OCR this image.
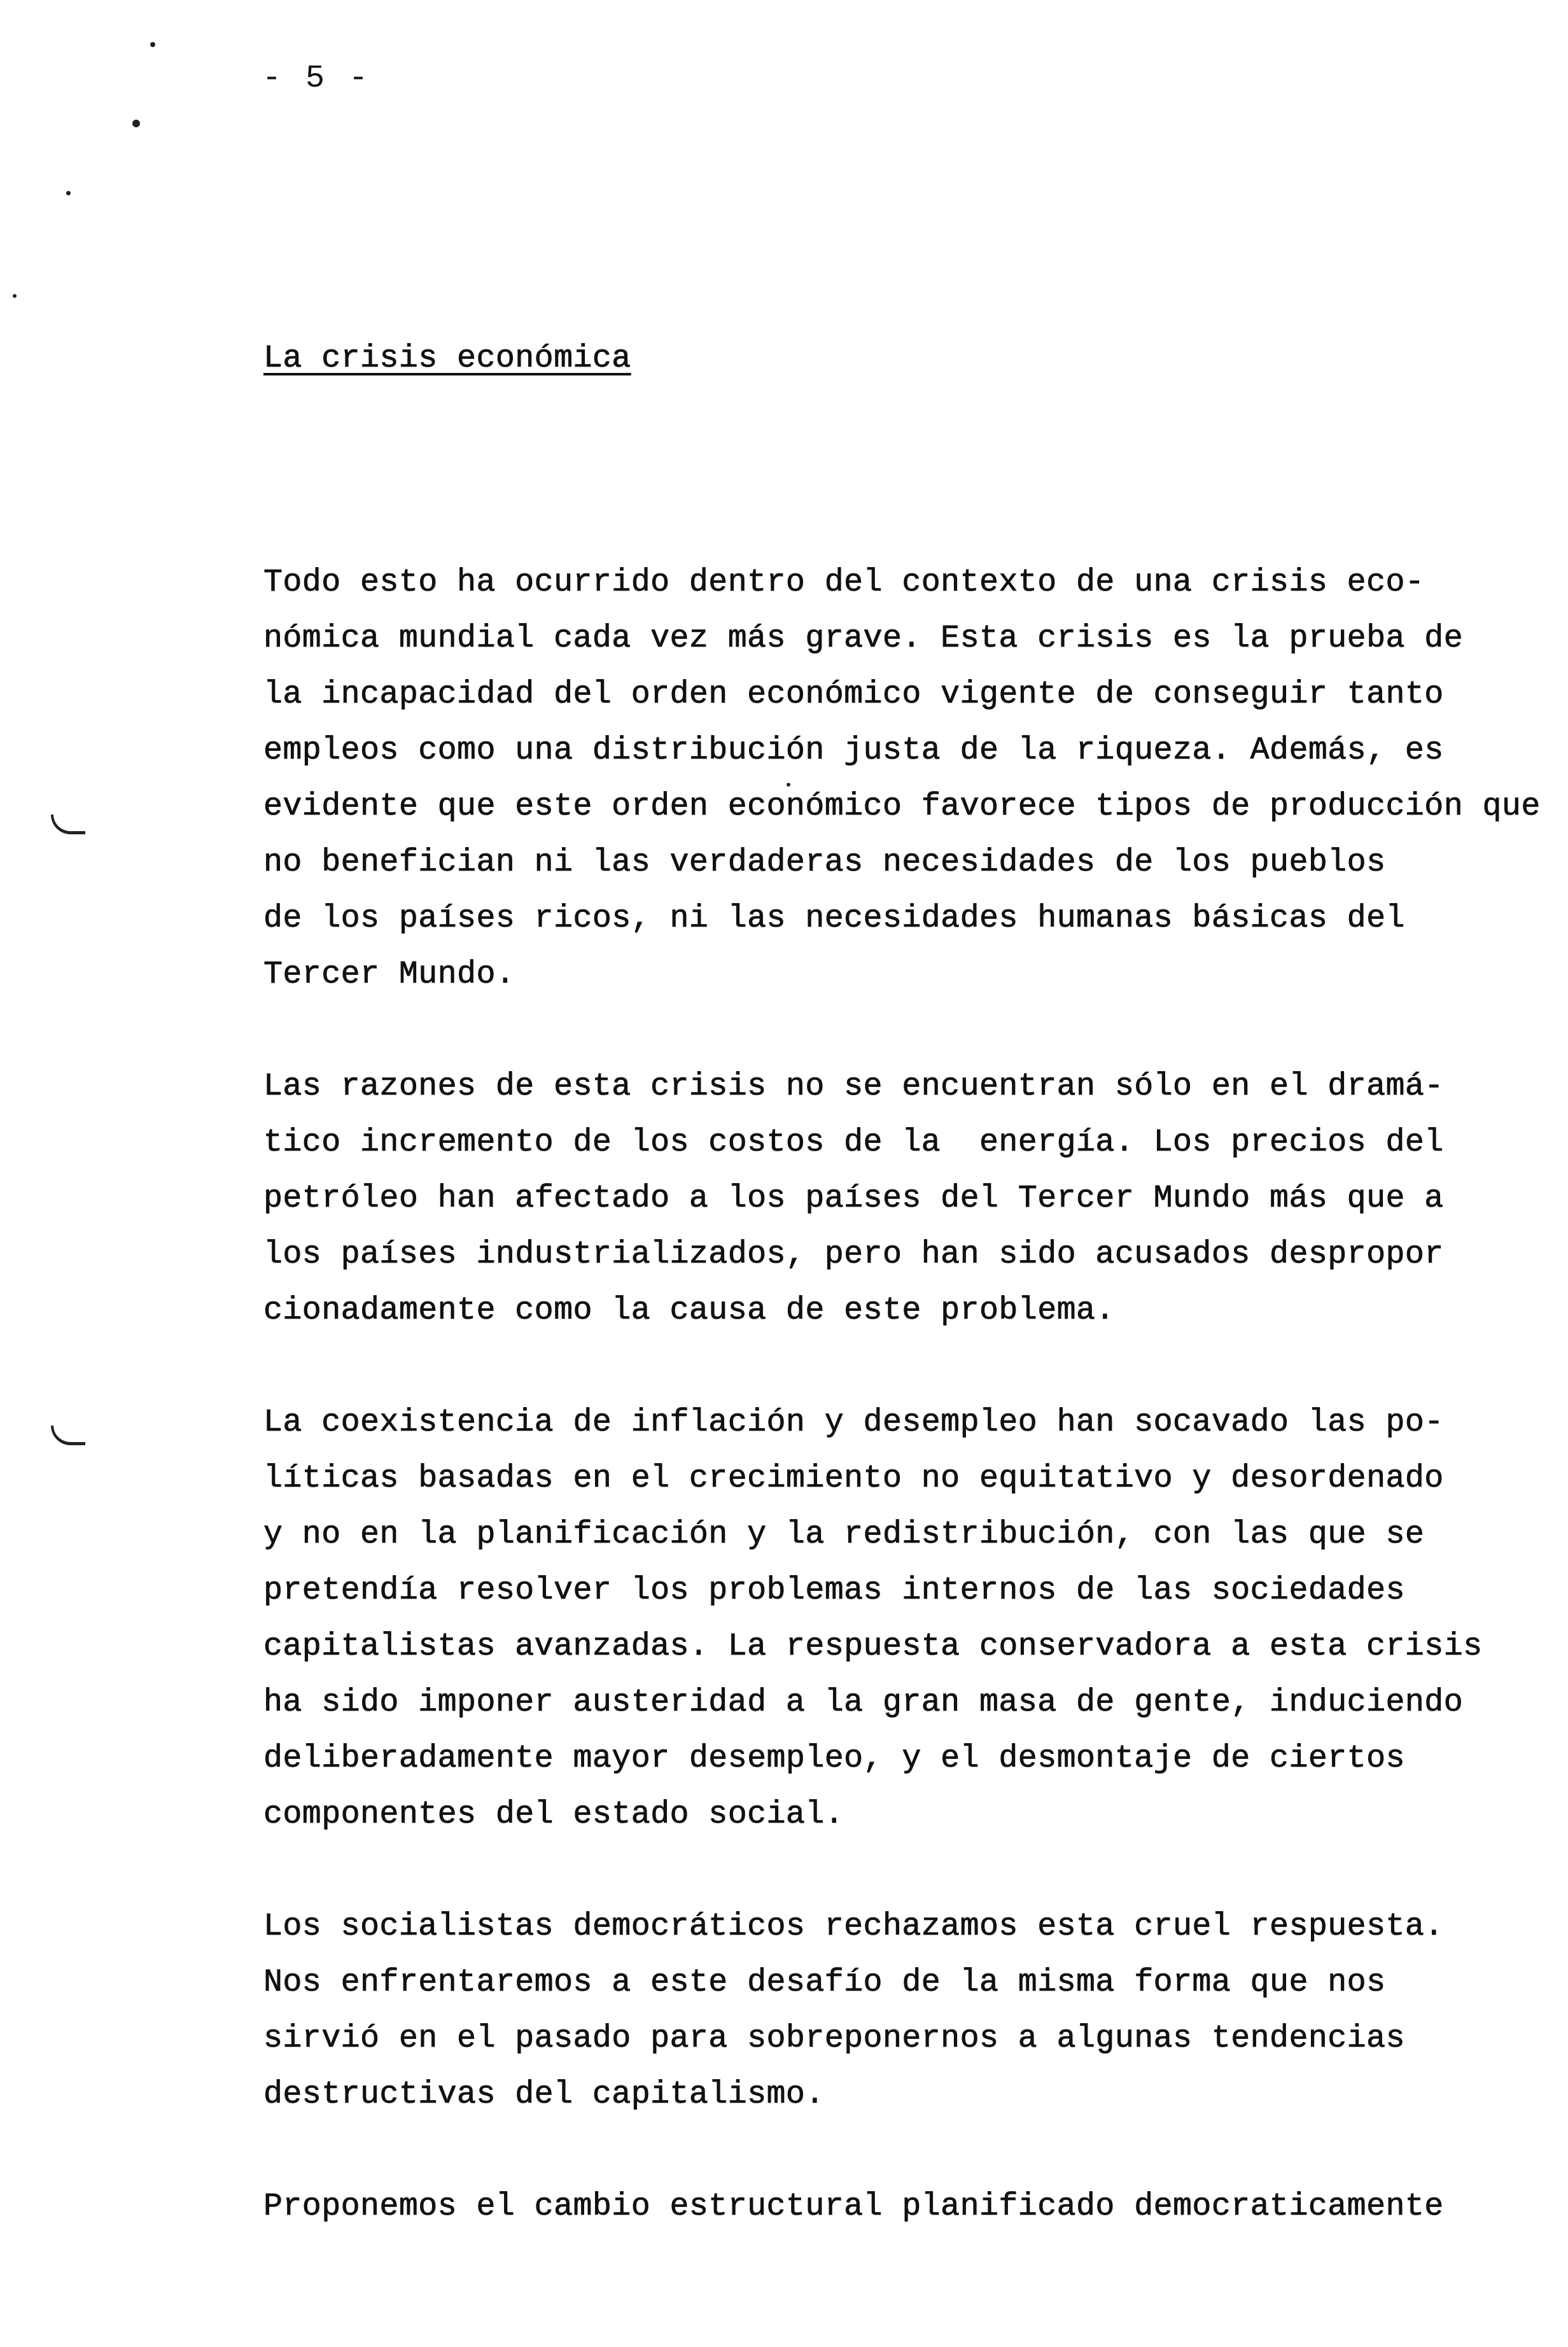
- 5 -

La crisis económica

Todo esto ha ocurrido dentro del contexto de una crisis eco-
nómica mundial cada vez más grave. Esta crisis es la prueba de
la incapacidad del orden económico vigente de conseguir tanto
empleos como una distribución justa de la riqueza. Además, es
evidente que este orden económico favorece tipos de producción que
no benefician ni las verdaderas necesidades de los pueblos
de los países ricos, ni las necesidades humanas básicas del
Tercer Mundo.
Las razones de esta crisis no se encuentran sólo en el dramá-
tico incremento de los costos de la  energía. Los precios del
petróleo han afectado a los países del Tercer Mundo más que a
los países industrializados, pero han sido acusados despropor
cionadamente como la causa de este problema.
La coexistencia de inflación y desempleo han socavado las po-
líticas basadas en el crecimiento no equitativo y desordenado
y no en la planificación y la redistribución, con las que se
pretendía resolver los problemas internos de las sociedades
capitalistas avanzadas. La respuesta conservadora a esta crisis
ha sido imponer austeridad a la gran masa de gente, induciendo
deliberadamente mayor desempleo, y el desmontaje de ciertos
componentes del estado social.
Los socialistas democráticos rechazamos esta cruel respuesta.
Nos enfrentaremos a este desafío de la misma forma que nos
sirvió en el pasado para sobreponernos a algunas tendencias
destructivas del capitalismo.
Proponemos el cambio estructural planificado democraticamente
